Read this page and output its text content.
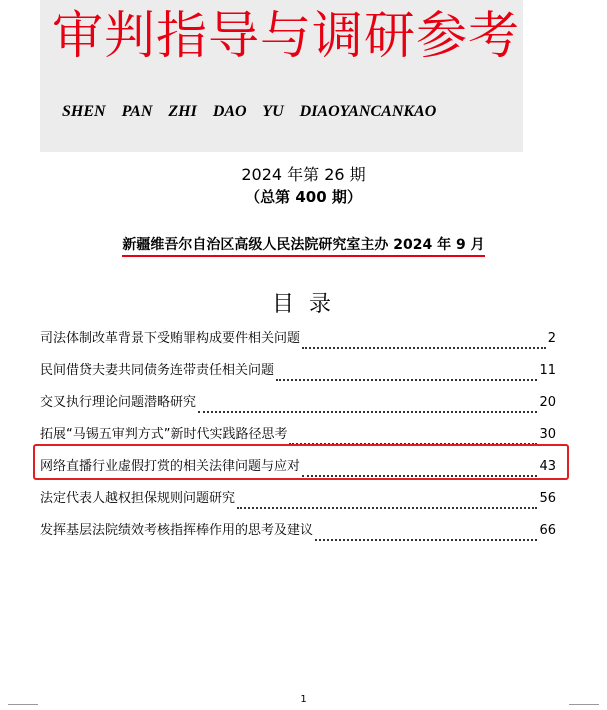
审判指导与调研参考
SHEN PAN ZHI DAO YU DIAOYANCANKAO
2024 年第 26 期
（总第 400 期）
新疆维吾尔自治区高级人民法院研究室主办 2024 年 9 月
目 录
司法体制改革背景下受贿罪构成要件相关问题	2
民间借贷夫妻共同债务连带责任相关问题	11
交叉执行理论问题潜略研究	20
拓展“马锡五审判方式”新时代实践路径思考	30
网络直播行业虚假打赏的相关法律问题与应对	43
法定代表人越权担保规则问题研究	56
发挥基层法院绩效考核指挥棒作用的思考及建议	66
1
